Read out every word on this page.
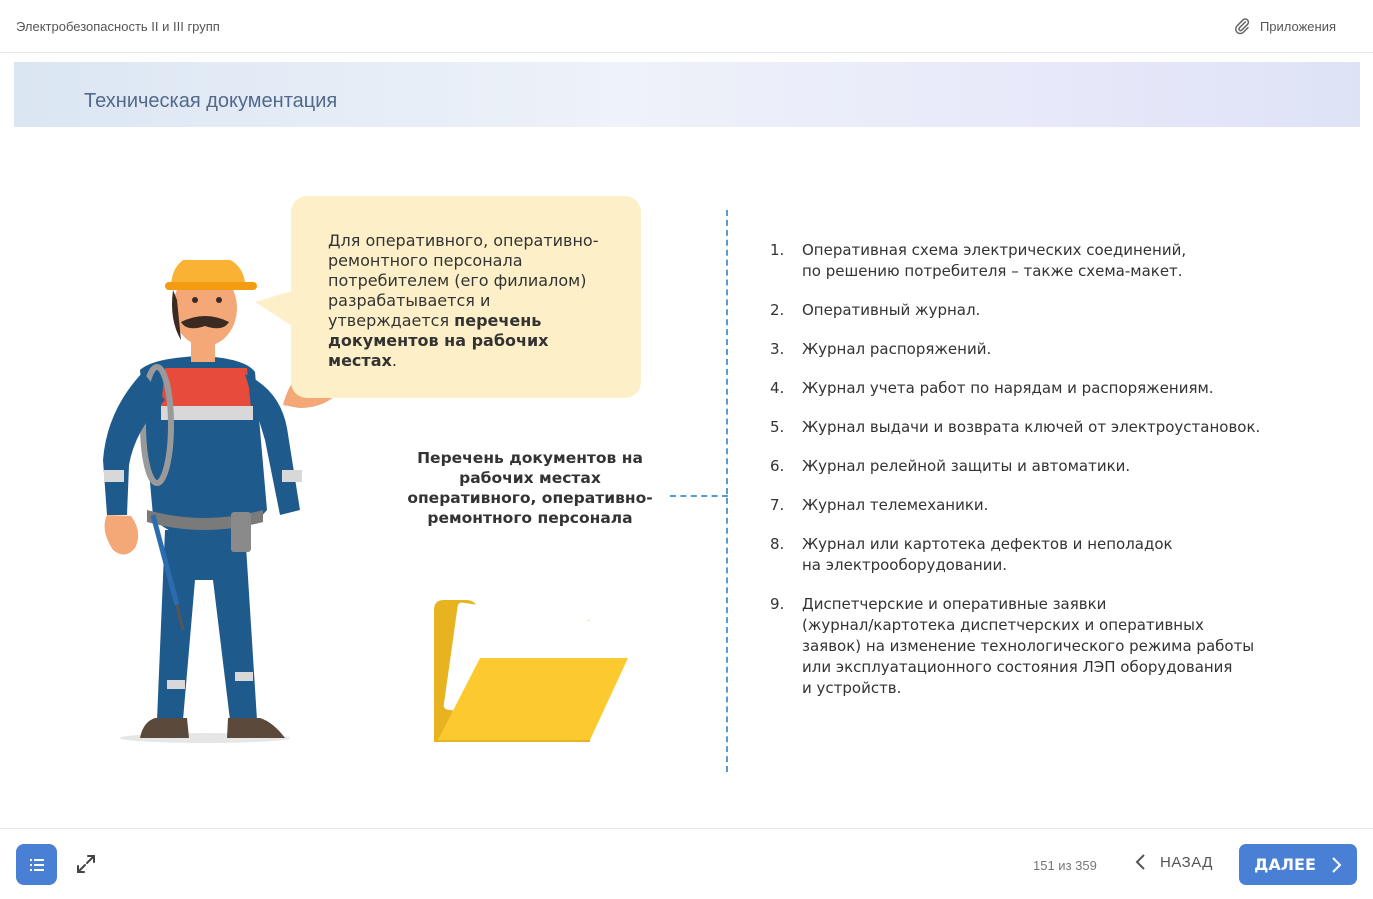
Электробезопасность II и III групп	Приложения
Техническая документация

Для оперативного, оперативно-ремонтного персонала потребителем (его филиалом) разрабатывается и утверждается перечень документов на рабочих местах.

Перечень документов на рабочих местах оперативного, оперативно-ремонтного персонала
1.	Оперативная схема электрических соединений,
по решению потребителя – также схема-макет.
2.	Оперативный журнал.
3.	Журнал распоряжений.
4.	Журнал учета работ по нарядам и распоряжениям.
5.	Журнал выдачи и возврата ключей от электроустановок.
6.	Журнал релейной защиты и автоматики.
7.	Журнал телемеханики.
8.	Журнал или картотека дефектов и неполадок
на электрооборудовании.
9.	Диспетчерские и оперативные заявки
(журнал/картотека диспетчерских и оперативных
заявок) на изменение технологического режима работы
или эксплуатационного состояния ЛЭП оборудования
и устройств.
151 из 359	НАЗАД	ДАЛЕЕ
